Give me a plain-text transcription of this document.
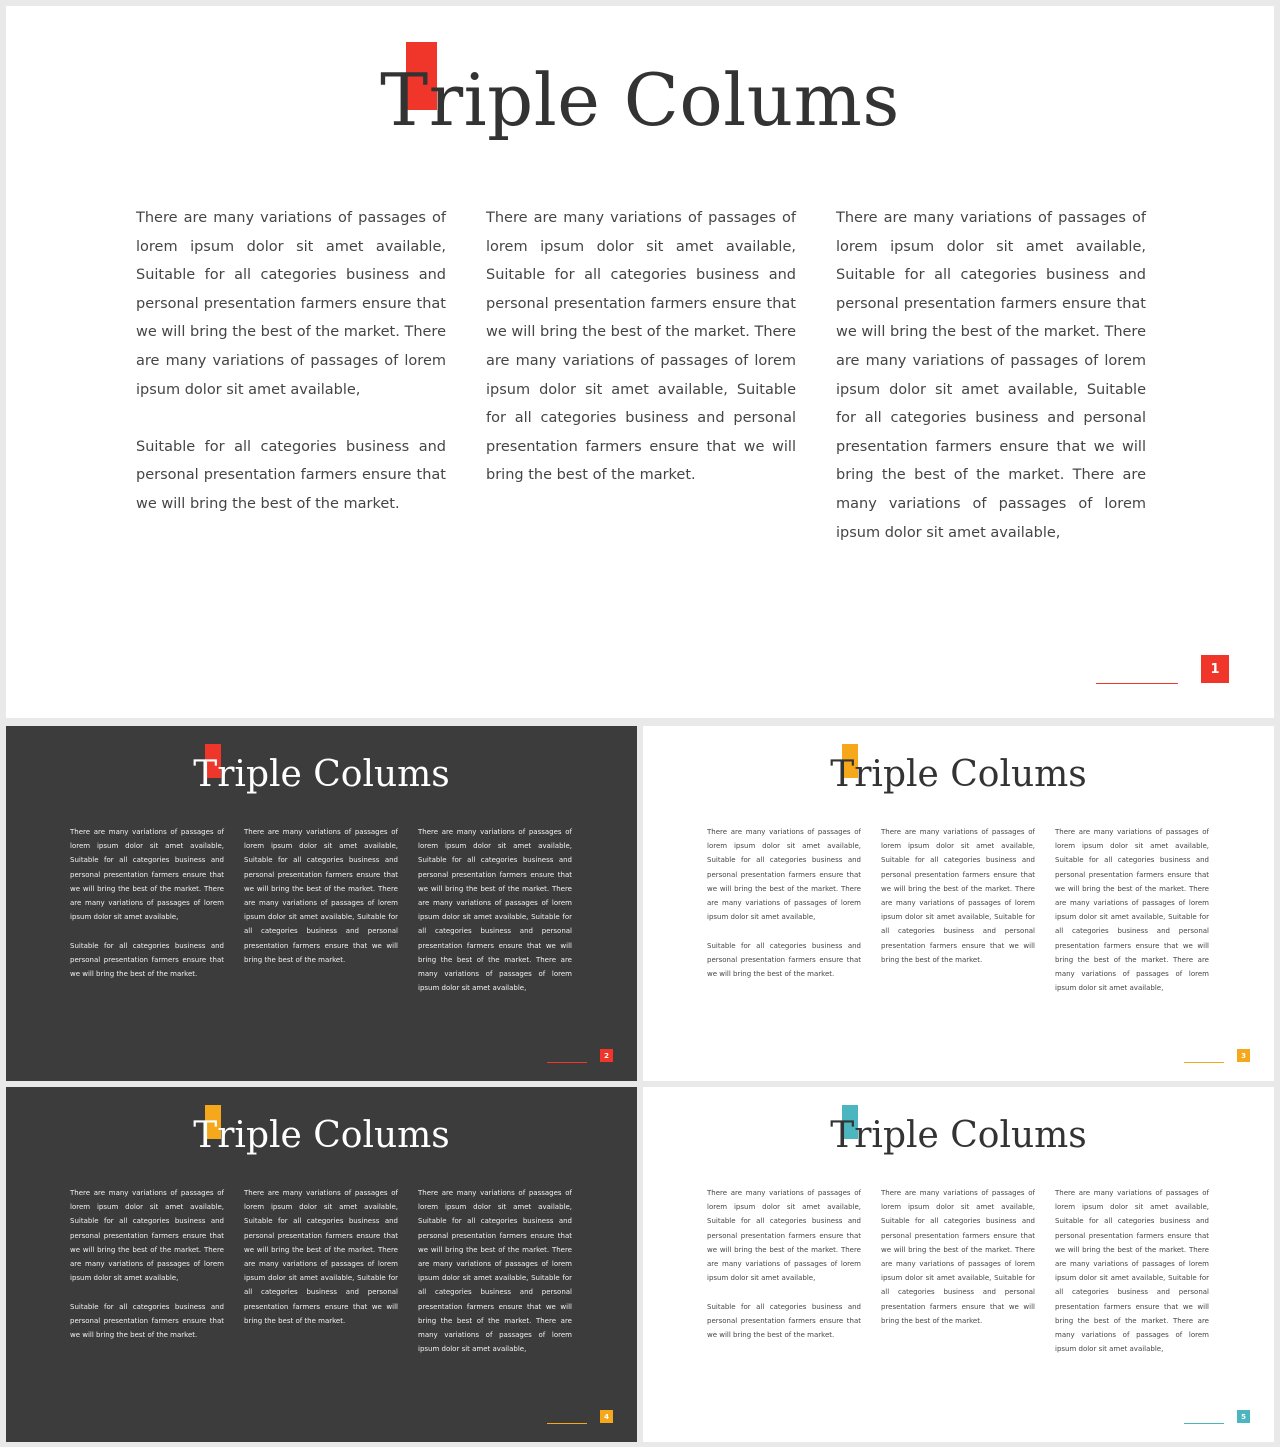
Triple Colums

There are many variations of passages of lorem ipsum dolor sit amet available, Suitable for all categories business and personal presentation farmers ensure that we will bring the best of the market. There are many variations of passages of lorem ipsum dolor sit amet available,

Suitable for all categories business and personal presentation farmers ensure that we will bring the best of the market.

There are many variations of passages of lorem ipsum dolor sit amet available, Suitable for all categories business and personal presentation farmers ensure that we will bring the best of the market. There are many variations of passages of lorem ipsum dolor sit amet available, Suitable for all categories business and personal presentation farmers ensure that we will bring the best of the market.

There are many variations of passages of lorem ipsum dolor sit amet available, Suitable for all categories business and personal presentation farmers ensure that we will bring the best of the market. There are many variations of passages of lorem ipsum dolor sit amet available, Suitable for all categories business and personal presentation farmers ensure that we will bring the best of the market. There are many variations of passages of lorem ipsum dolor sit amet available,

1
Triple Colums

There are many variations of passages of lorem ipsum dolor sit amet available, Suitable for all categories business and personal presentation farmers ensure that we will bring the best of the market. There are many variations of passages of lorem ipsum dolor sit amet available,

Suitable for all categories business and personal presentation farmers ensure that we will bring the best of the market.

There are many variations of passages of lorem ipsum dolor sit amet available, Suitable for all categories business and personal presentation farmers ensure that we will bring the best of the market. There are many variations of passages of lorem ipsum dolor sit amet available, Suitable for all categories business and personal presentation farmers ensure that we will bring the best of the market.

There are many variations of passages of lorem ipsum dolor sit amet available, Suitable for all categories business and personal presentation farmers ensure that we will bring the best of the market. There are many variations of passages of lorem ipsum dolor sit amet available, Suitable for all categories business and personal presentation farmers ensure that we will bring the best of the market. There are many variations of passages of lorem ipsum dolor sit amet available,

2
Triple Colums

There are many variations of passages of lorem ipsum dolor sit amet available, Suitable for all categories business and personal presentation farmers ensure that we will bring the best of the market. There are many variations of passages of lorem ipsum dolor sit amet available,

Suitable for all categories business and personal presentation farmers ensure that we will bring the best of the market.

There are many variations of passages of lorem ipsum dolor sit amet available, Suitable for all categories business and personal presentation farmers ensure that we will bring the best of the market. There are many variations of passages of lorem ipsum dolor sit amet available, Suitable for all categories business and personal presentation farmers ensure that we will bring the best of the market.

There are many variations of passages of lorem ipsum dolor sit amet available, Suitable for all categories business and personal presentation farmers ensure that we will bring the best of the market. There are many variations of passages of lorem ipsum dolor sit amet available, Suitable for all categories business and personal presentation farmers ensure that we will bring the best of the market. There are many variations of passages of lorem ipsum dolor sit amet available,

3
Triple Colums

There are many variations of passages of lorem ipsum dolor sit amet available, Suitable for all categories business and personal presentation farmers ensure that we will bring the best of the market. There are many variations of passages of lorem ipsum dolor sit amet available,

Suitable for all categories business and personal presentation farmers ensure that we will bring the best of the market.

There are many variations of passages of lorem ipsum dolor sit amet available, Suitable for all categories business and personal presentation farmers ensure that we will bring the best of the market. There are many variations of passages of lorem ipsum dolor sit amet available, Suitable for all categories business and personal presentation farmers ensure that we will bring the best of the market.

There are many variations of passages of lorem ipsum dolor sit amet available, Suitable for all categories business and personal presentation farmers ensure that we will bring the best of the market. There are many variations of passages of lorem ipsum dolor sit amet available, Suitable for all categories business and personal presentation farmers ensure that we will bring the best of the market. There are many variations of passages of lorem ipsum dolor sit amet available,

4
Triple Colums

There are many variations of passages of lorem ipsum dolor sit amet available, Suitable for all categories business and personal presentation farmers ensure that we will bring the best of the market. There are many variations of passages of lorem ipsum dolor sit amet available,

Suitable for all categories business and personal presentation farmers ensure that we will bring the best of the market.

There are many variations of passages of lorem ipsum dolor sit amet available, Suitable for all categories business and personal presentation farmers ensure that we will bring the best of the market. There are many variations of passages of lorem ipsum dolor sit amet available, Suitable for all categories business and personal presentation farmers ensure that we will bring the best of the market.

There are many variations of passages of lorem ipsum dolor sit amet available, Suitable for all categories business and personal presentation farmers ensure that we will bring the best of the market. There are many variations of passages of lorem ipsum dolor sit amet available, Suitable for all categories business and personal presentation farmers ensure that we will bring the best of the market. There are many variations of passages of lorem ipsum dolor sit amet available,

5
